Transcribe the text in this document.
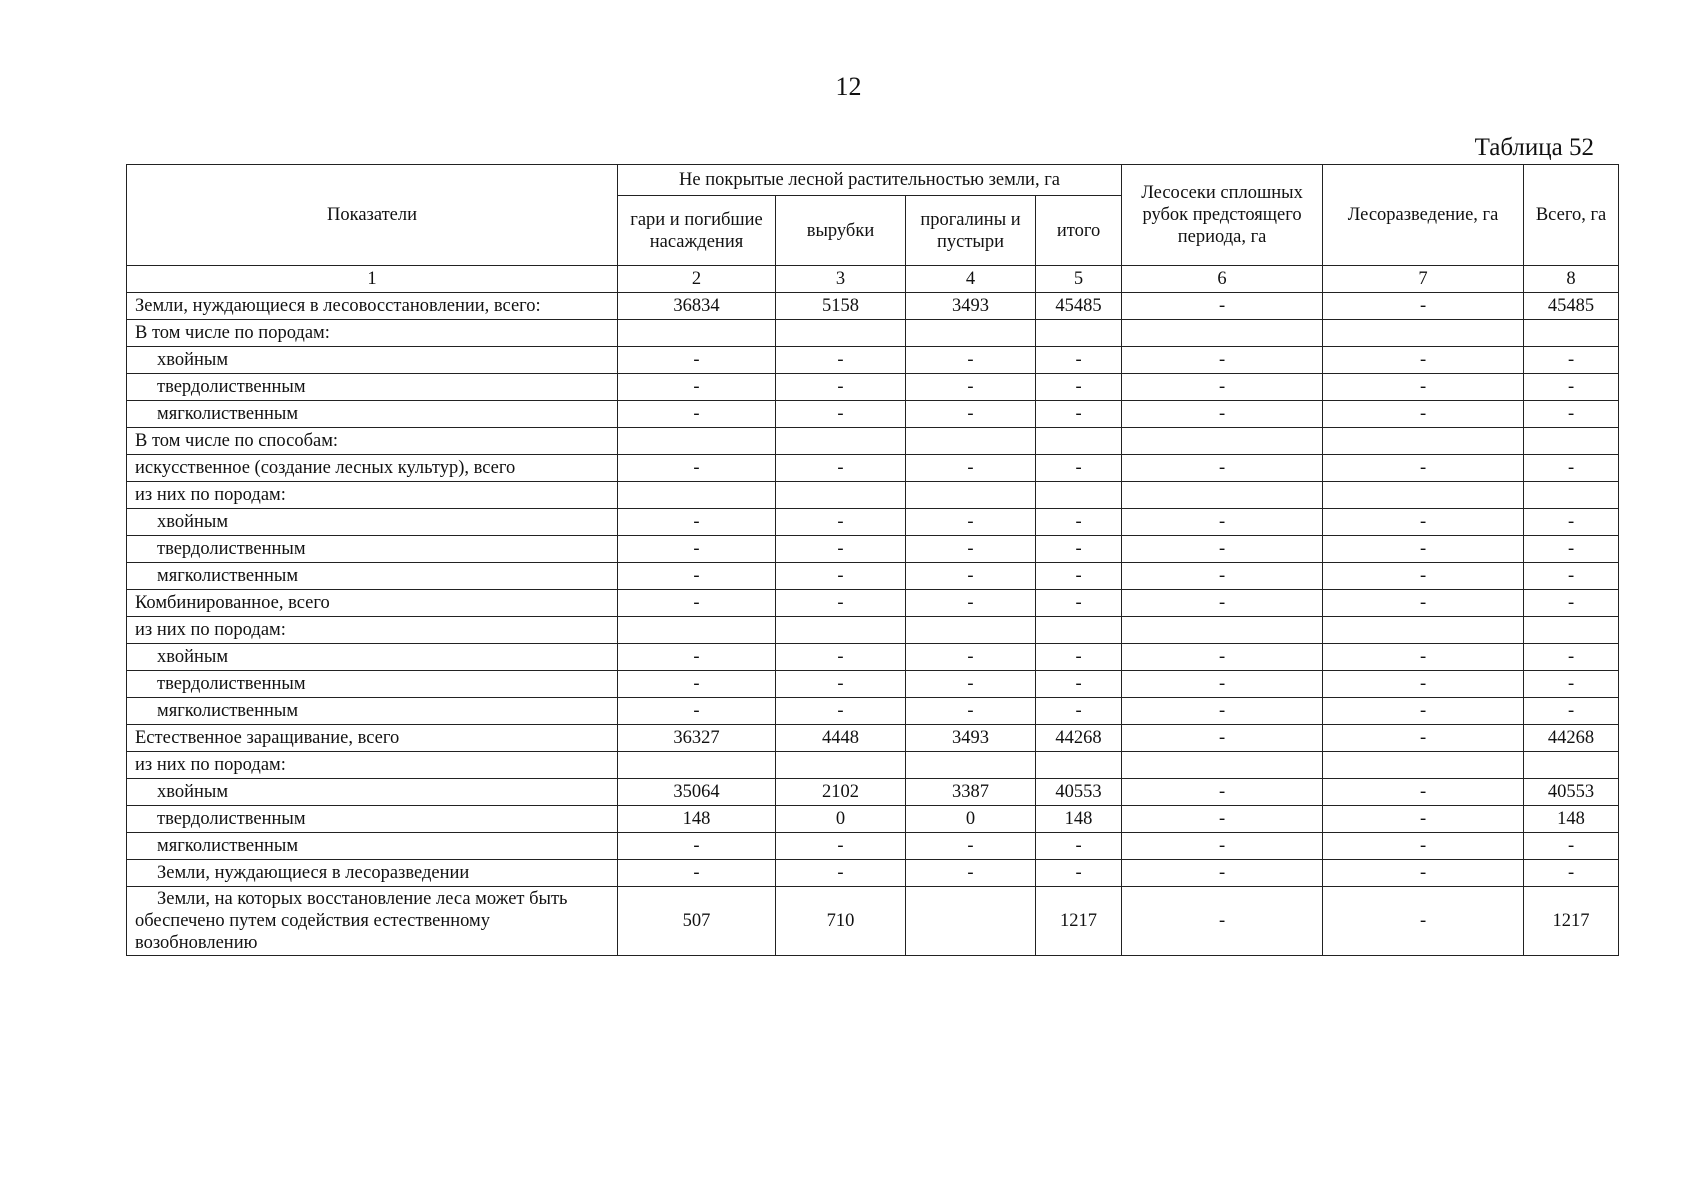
12
Таблица 52
Показатели	Не покрытые лесной растительностью земли, га				Лесосеки сплошных рубок предстоящего периода, га	Лесоразведение, га	Всего, га
	гари и погибшие насаждения	вырубки	прогалины и пустыри	итого			
1	2	3	4	5	6	7	8
Земли, нуждающиеся в лесовосстановлении, всего:	36834	5158	3493	45485	-	-	45485
В том числе по породам:							
хвойным	-	-	-	-	-	-	-
твердолиственным	-	-	-	-	-	-	-
мягколиственным	-	-	-	-	-	-	-
В том числе по способам:							
искусственное (создание лесных культур), всего	-	-	-	-	-	-	-
из них по породам:							
хвойным	-	-	-	-	-	-	-
твердолиственным	-	-	-	-	-	-	-
мягколиственным	-	-	-	-	-	-	-
Комбинированное, всего	-	-	-	-	-	-	-
из них по породам:							
хвойным	-	-	-	-	-	-	-
твердолиственным	-	-	-	-	-	-	-
мягколиственным	-	-	-	-	-	-	-
Естественное заращивание, всего	36327	4448	3493	44268	-	-	44268
из них по породам:							
хвойным	35064	2102	3387	40553	-	-	40553
твердолиственным	148	0	0	148	-	-	148
мягколиственным	-	-	-	-	-	-	-
Земли, нуждающиеся в лесоразведении	-	-	-	-	-	-	-

Земли, на которых восстановление леса может быть обеспечено путем содействия естественному возобновлению	507	710		1217	-	-	1217
